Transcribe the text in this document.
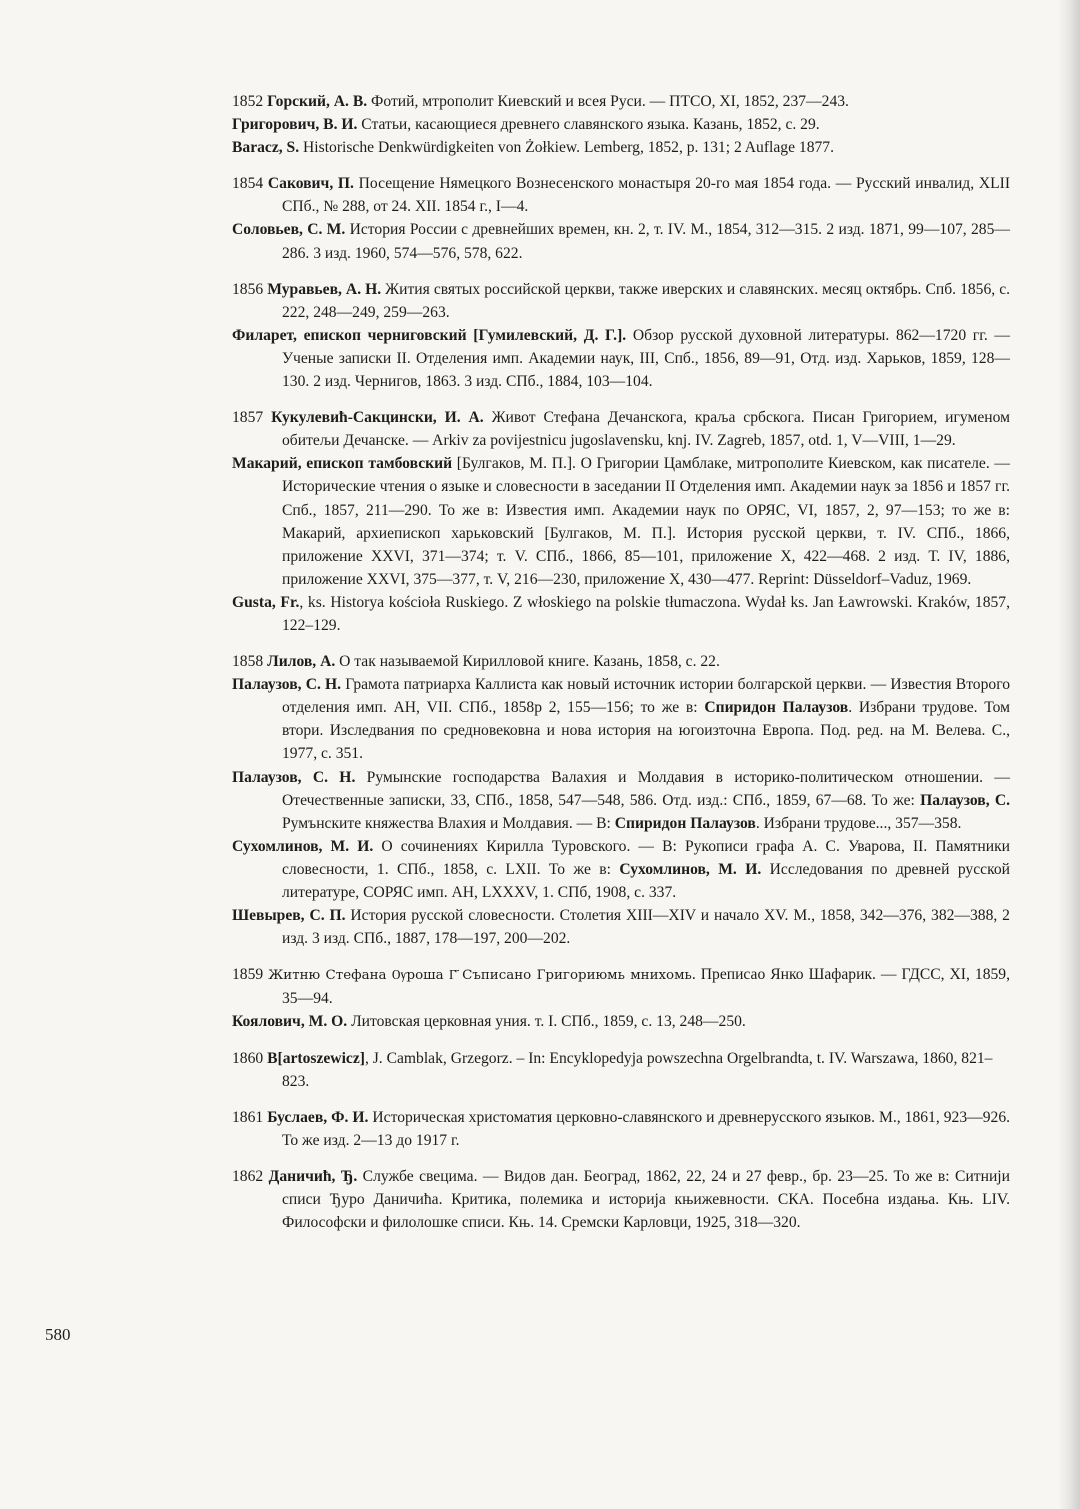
1852 Горский, А. В. Фотий, мтрополит Киевский и всея Руси. — ПТСО, XI, 1852, 237—243.

Григорович, В. И. Статьи, касающиеся древнего славянского языка. Казань, 1852, с. 29.

Baracz, S. Historische Denkwürdigkeiten von Żołkiew. Lemberg, 1852, p. 131; 2 Auflage 1877.

1854 Сакович, П. Посещение Нямецкого Вознесенского монастыря 20-го мая 1854 года. — Русский инвалид, XLII СПб., № 288, от 24. XII. 1854 г., I—4.

Соловьев, С. М. История России с древнейших времен, кн. 2, т. IV. М., 1854, 312—315. 2 изд. 1871, 99—107, 285—286. 3 изд. 1960, 574—576, 578, 622.

1856 Муравьев, А. Н. Жития святых российской церкви, также иверских и славянских. месяц октябрь. Спб. 1856, с. 222, 248—249, 259—263.

Филарет, епископ черниговский [Гумилевский, Д. Г.]. Обзор русской духовной литературы. 862—1720 гг. — Ученые записки II. Отделения имп. Академии наук, III, Спб., 1856, 89—91, Отд. изд. Харьков, 1859, 128—130. 2 изд. Чернигов, 1863. 3 изд. СПб., 1884, 103—104.

1857 Кукулевић-Сакцински, И. А. Живот Стефана Дечанскога, краља србскога. Писан Григорием, игуменом обитељи Дечанске. — Arkiv za povijestnicu jugoslavensku, knj. IV. Zagreb, 1857, otd. 1, V—VIII, 1—29.

Макарий, епископ тамбовский [Булгаков, М. П.]. О Григории Цамблаке, митрополите Киевском, как писателе. — Исторические чтения о языке и словесности в заседании II Отделения имп. Академии наук за 1856 и 1857 гг. Спб., 1857, 211—290. То же в: Известия имп. Академии наук по ОРЯС, VI, 1857, 2, 97—153; то же в: Макарий, архиепископ харьковский [Булгаков, М. П.]. История русской церкви, т. IV. СПб., 1866, приложение XXVI, 371—374; т. V. СПб., 1866, 85—101, приложение X, 422—468. 2 изд. Т. IV, 1886, приложение XXVI, 375—377, т. V, 216—230, приложение X, 430—477. Reprint: Düsseldorf–Vaduz, 1969.

Gusta, Fr., ks. Historya kościoła Ruskiego. Z włoskiego na polskie tłumaczona. Wydał ks. Jan Ławrowski. Kraków, 1857, 122–129.

1858 Лилов, А. О так называемой Кирилловой книге. Казань, 1858, с. 22.

Палаузов, С. Н. Грамота патриарха Каллиста как новый источник истории болгарской церкви. — Известия Второго отделения имп. АН, VII. СПб., 1858р 2, 155—156; то же в: Спиридон Палаузов. Избрани трудове. Том втори. Изследвания по средновековна и нова история на югоизточна Европа. Под. ред. на М. Велева. С., 1977, с. 351.

Палаузов, С. Н. Румынские господарства Валахия и Молдавия в историко-политическом отношении. — Отечественные записки, 33, СПб., 1858, 547—548, 586. Отд. изд.: СПб., 1859, 67—68. То же: Палаузов, С. Румънските княжества Влахия и Молдавия. — В: Спиридон Палаузов. Избрани трудове..., 357—358.

Сухомлинов, М. И. О сочинениях Кирилла Туровского. — В: Рукописи графа А. С. Уварова, II. Памятники словесности, 1. СПб., 1858, с. LXII. То же в: Сухомлинов, М. И. Исследования по древней русской литературе, СОРЯС имп. АН, LXXXV, 1. СПб, 1908, с. 337.

Шевырев, С. П. История русской словесности. Столетия XIII—XIV и начало XV. М., 1858, 342—376, 382—388, 2 изд. 3 изд. СПб., 1887, 178—197, 200—202.

1859 Житню Стефана Ѹроша Г҃ Съписано Григориюмь мнихомь. Преписао Янко Шафарик. — ГДСС, XI, 1859, 35—94.

Коялович, М. О. Литовская церковная уния. т. I. СПб., 1859, с. 13, 248—250.

1860 B[artoszewicz], J. Camblak, Grzegorz. – In: Encyklopedyja powszechna Orgelbrandta, t. IV. Warszawa, 1860, 821–823.

1861 Буслаев, Ф. И. Историческая христоматия церковно-славянского и древнерусского языков. М., 1861, 923—926. То же изд. 2—13 до 1917 г.

1862 Даничић, Ђ. Службе свецима. — Видов дан. Београд, 1862, 22, 24 и 27 февр., бр. 23—25. То же в: Ситнији списи Ђуро Даничића. Критика, полемика и историја књижевности. СКА. Посебна издања. Књ. LIV. Философски и филолошке списи. Књ. 14. Сремски Карловци, 1925, 318—320.

580
